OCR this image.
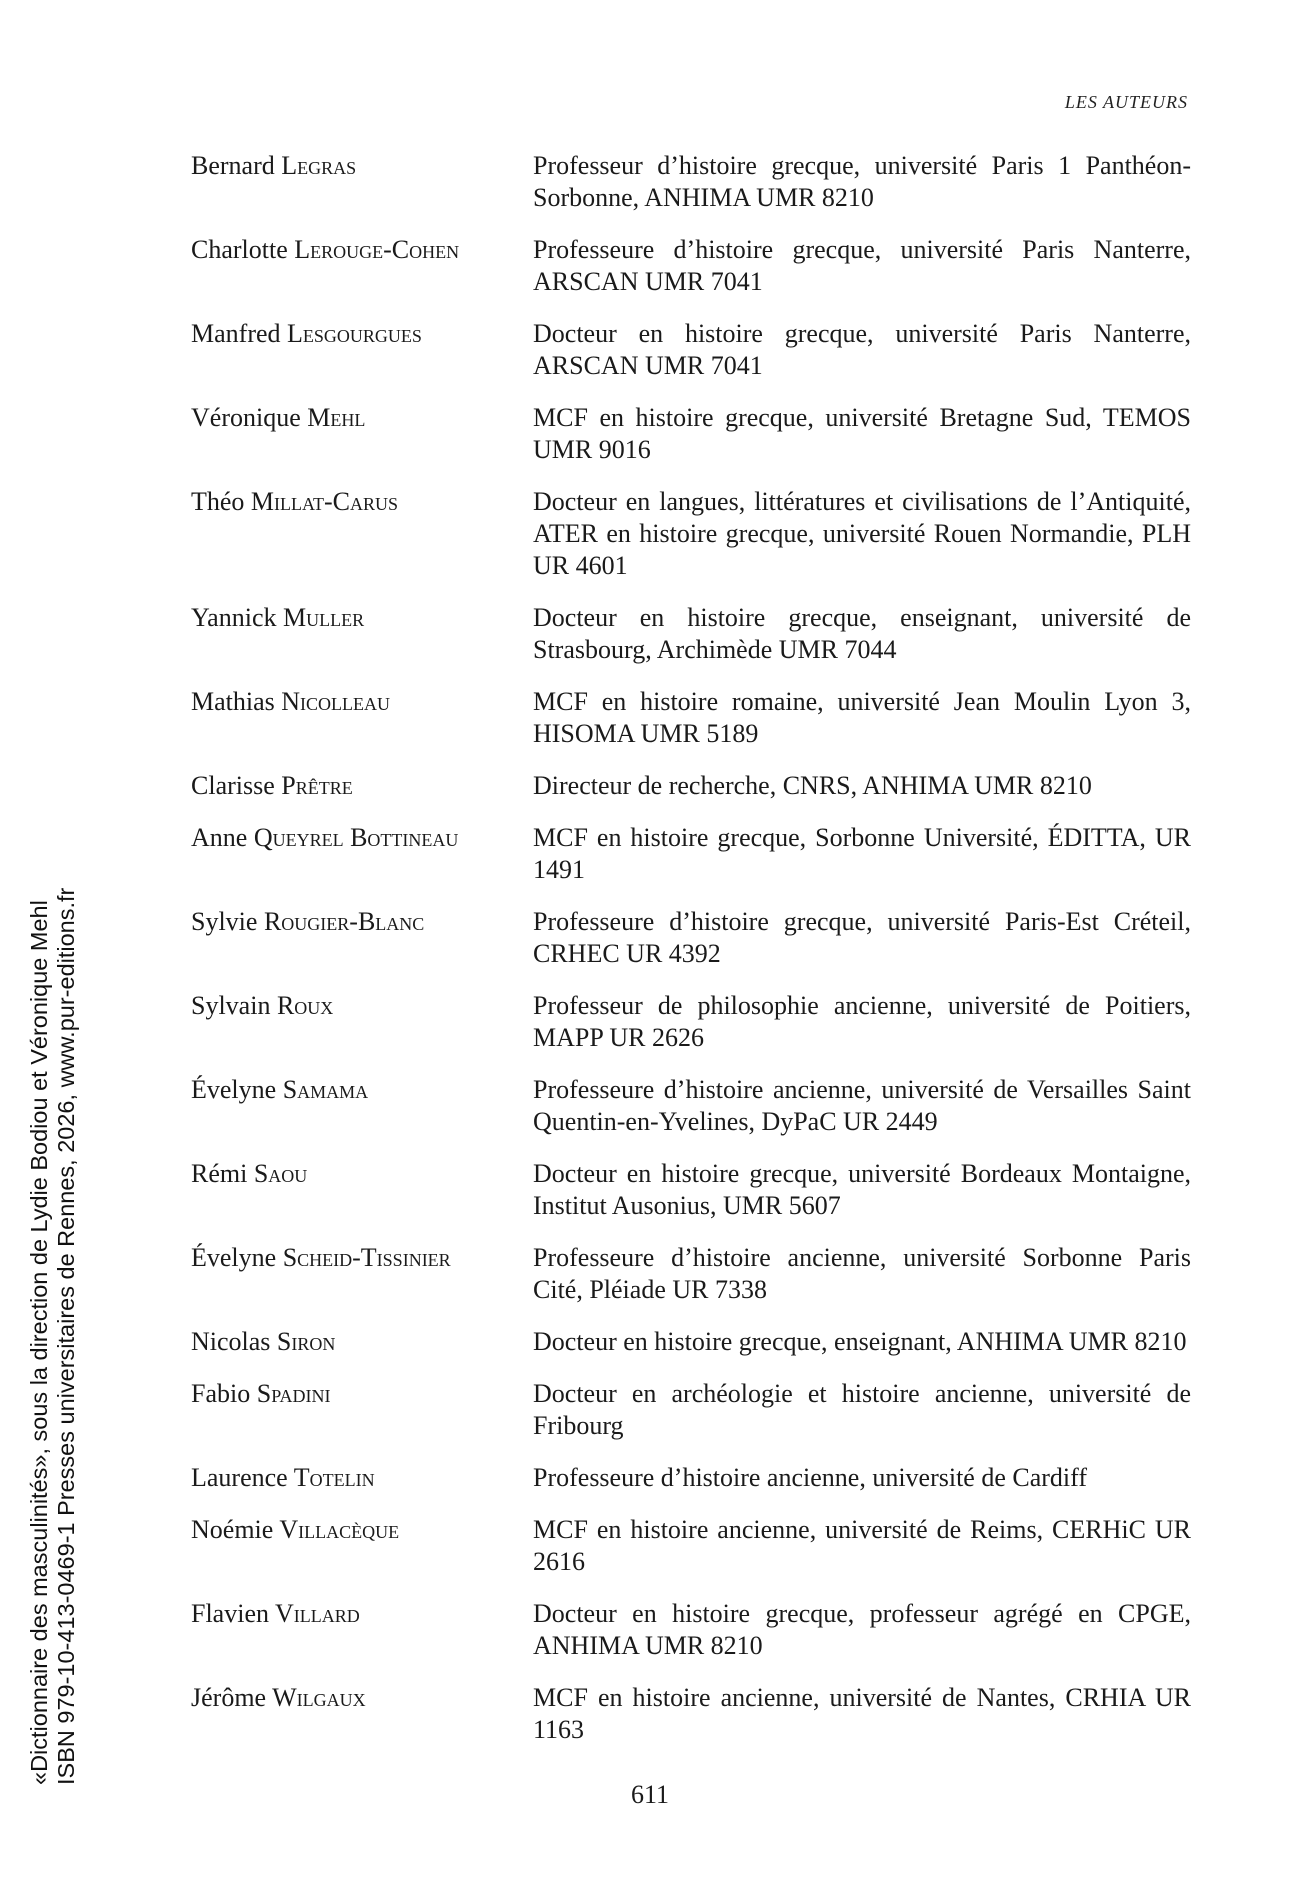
LES AUTEURS
Bernard Legras	Professeur d’histoire grecque, université Paris 1 Panthéon-Sorbonne, ANHIMA UMR 8210
Charlotte Lerouge-Cohen	Professeure d’histoire grecque, université Paris Nanterre, ARSCAN UMR 7041
Manfred Lesgourgues	Docteur en histoire grecque, université Paris Nanterre, ARSCAN UMR 7041
Véronique Mehl	MCF en histoire grecque, université Bretagne Sud, TEMOS UMR 9016
Théo Millat-Carus	Docteur en langues, littératures et civilisations de l’Antiquité, ATER en histoire grecque, université Rouen Normandie, PLH UR 4601
Yannick Muller	Docteur en histoire grecque, enseignant, université de Strasbourg, Archimède UMR 7044
Mathias Nicolleau	MCF en histoire romaine, université Jean Moulin Lyon 3, HISOMA UMR 5189
Clarisse Prêtre	Directeur de recherche, CNRS, ANHIMA UMR 8210
Anne Queyrel Bottineau	MCF en histoire grecque, Sorbonne Université, ÉDITTA, UR 1491
Sylvie Rougier-Blanc	Professeure d’histoire grecque, université Paris-Est Créteil, CRHEC UR 4392
Sylvain Roux	Professeur de philosophie ancienne, université de Poitiers, MAPP UR 2626
Évelyne Samama	Professeure d’histoire ancienne, université de Versailles Saint Quentin-en-Yvelines, DyPaC UR 2449
Rémi Saou	Docteur en histoire grecque, université Bordeaux Montaigne, Institut Ausonius, UMR 5607
Évelyne Scheid-Tissinier	Professeure d’histoire ancienne, université Sorbonne Paris Cité, Pléiade UR 7338
Nicolas Siron	Docteur en histoire grecque, enseignant, ANHIMA UMR 8210
Fabio Spadini	Docteur en archéologie et histoire ancienne, université de Fribourg
Laurence Totelin	Professeure d’histoire ancienne, université de Cardiff
Noémie Villacèque	MCF en histoire ancienne, université de Reims, CERHiC UR 2616
Flavien Villard	Docteur en histoire grecque, professeur agrégé en CPGE, ANHIMA UMR 8210
Jérôme Wilgaux	MCF en histoire ancienne, université de Nantes, CRHIA UR 1163
«Dictionnaire des masculinités», sous la direction de Lydie Bodiou et Véronique Mehl ISBN 979-10-413-0469-1 Presses universitaires de Rennes, 2026, www.pur-editions.fr
611
